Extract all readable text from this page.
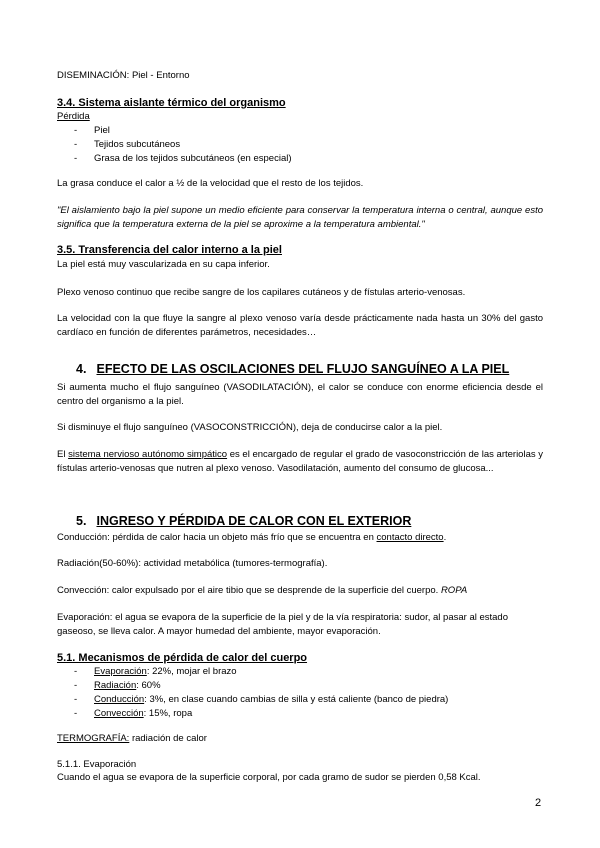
DISEMINACIÓN: Piel - Entorno

3.4. Sistema aislante térmico del organismo

Pérdida

- Piel
- Tejidos subcutáneos
- Grasa de los tejidos subcutáneos (en especial)

La grasa conduce el calor a ½ de la velocidad que el resto de los tejidos.

"El aislamiento bajo la piel supone un medio eficiente para conservar la temperatura interna o central, aunque esto significa que la temperatura externa de la piel se aproxime a la temperatura ambiental."

3.5. Transferencia del calor interno a la piel

La piel está muy vascularizada en su capa inferior.

Plexo venoso continuo que recibe sangre de los capilares cutáneos y de fístulas arterio-venosas.

La velocidad con la que fluye la sangre al plexo venoso varía desde prácticamente nada hasta un 30% del gasto cardíaco en función de diferentes parámetros, necesidades…

4. EFECTO DE LAS OSCILACIONES DEL FLUJO SANGUÍNEO A LA PIEL

Si aumenta mucho el flujo sanguíneo (VASODILATACIÓN), el calor se conduce con enorme eficiencia desde el centro del organismo a la piel.

Si disminuye el flujo sanguíneo (VASOCONSTRICCIÓN), deja de conducirse calor a la piel.

El sistema nervioso autónomo simpático es el encargado de regular el grado de vasoconstricción de las arteriolas y fístulas arterio-venosas que nutren al plexo venoso. Vasodilatación, aumento del consumo de glucosa...

5. INGRESO Y PÉRDIDA DE CALOR CON EL EXTERIOR

Conducción: pérdida de calor hacia un objeto más frío que se encuentra en contacto directo.

Radiación(50-60%): actividad metabólica (tumores-termografía).

Convección: calor expulsado por el aire tibio que se desprende de la superficie del cuerpo. ROPA

Evaporación: el agua se evapora de la superficie de la piel y de la vía respiratoria: sudor, al pasar al estado gaseoso, se lleva calor. A mayor humedad del ambiente, mayor evaporación.

5.1. Mecanismos de pérdida de calor del cuerpo

- Evaporación: 22%, mojar el brazo
- Radiación: 60%
- Conducción: 3%, en clase cuando cambias de silla y está caliente (banco de piedra)
- Convección: 15%, ropa

TERMOGRAFÍA: radiación de calor

5.1.1. Evaporación

Cuando el agua se evapora de la superficie corporal, por cada gramo de sudor se pierden 0,58 Kcal.

2
